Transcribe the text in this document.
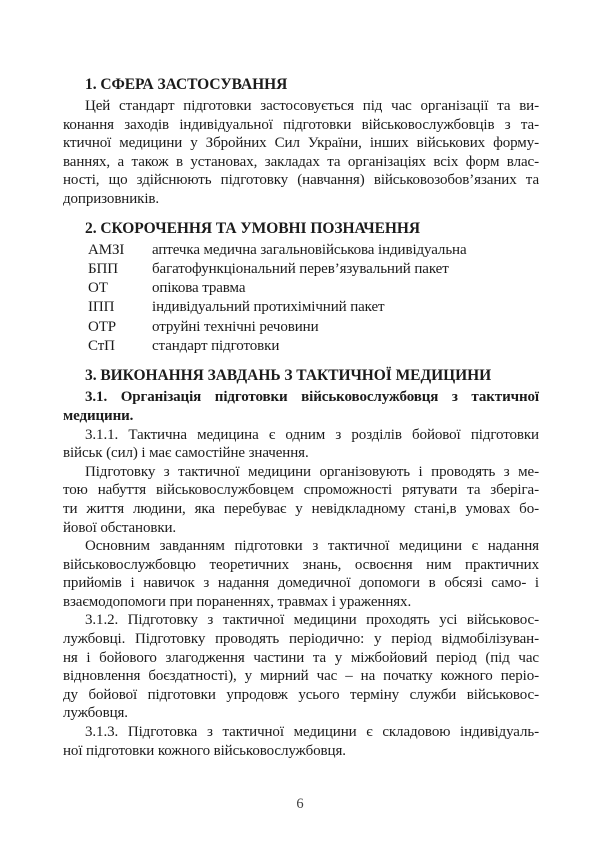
1. СФЕРА ЗАСТОСУВАННЯ
Цей стандарт підготовки застосовується під час організації та ви-
конання заходів індивідуальної підготовки військовослужбовців з та-
ктичної медицини у Збройних Сил України, інших військових форму-
ваннях, а також в установах, закладах та організаціях всіх форм влас-
ності, що здійснюють підготовку (навчання) військовозобов’язаних та
допризовників.
2. СКОРОЧЕННЯ ТА УМОВНІ ПОЗНАЧЕННЯ
АМЗІ	аптечка медична загальновійськова індивідуальна
БПП	багатофункціональний перев’язувальний пакет
ОТ	опікова травма
ІПП	індивідуальний протихімічний пакет
ОТР	отруйні технічні речовини
СтП	стандарт підготовки
3. ВИКОНАННЯ ЗАВДАНЬ З ТАКТИЧНОЇ МЕДИЦИНИ
3.1. Організація підготовки військовослужбовця з тактичної
медицини.
3.1.1. Тактична медицина є одним з розділів бойової підготовки
військ (сил) і має самостійне значення.
Підготовку з тактичної медицини організовують і проводять з ме-
тою набуття військовослужбовцем спроможності рятувати та зберіга-
ти життя людини, яка перебуває у невідкладному стані,в умовах бо-
йової обстановки.
Основним завданням підготовки з тактичної медицини є надання
військовослужбовцю теоретичних знань, освоєння ним практичних
прийомів і навичок з надання домедичної допомоги в обсязі само- і
взаємодопомоги при пораненнях, травмах і ураженнях.
3.1.2. Підготовку з тактичної медицини проходять усі військовос-
лужбовці. Підготовку проводять періодично: у період відмобілізуван-
ня і бойового злагодження частини та у міжбойовий період (під час
відновлення боєздатності), у мирний час – на початку кожного періо-
ду бойової підготовки упродовж усього терміну служби військовос-
лужбовця.
3.1.3. Підготовка з тактичної медицини є складовою індивідуаль-
ної підготовки кожного військовослужбовця.
6
